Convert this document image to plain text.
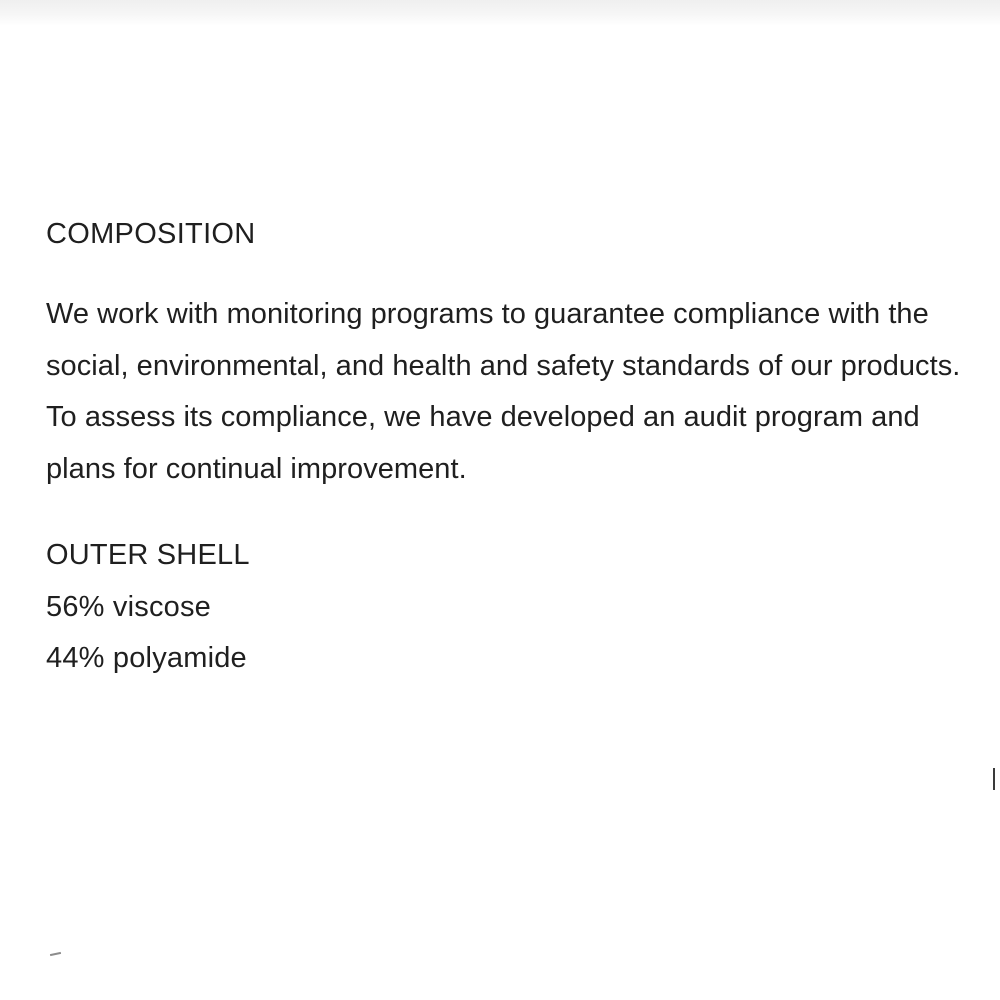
COMPOSITION

We work with monitoring programs to guarantee compliance with the social, environmental, and health and safety standards of our products. To assess its compliance, we have developed an audit program and plans for continual improvement.

OUTER SHELL
56% viscose
44% polyamide
